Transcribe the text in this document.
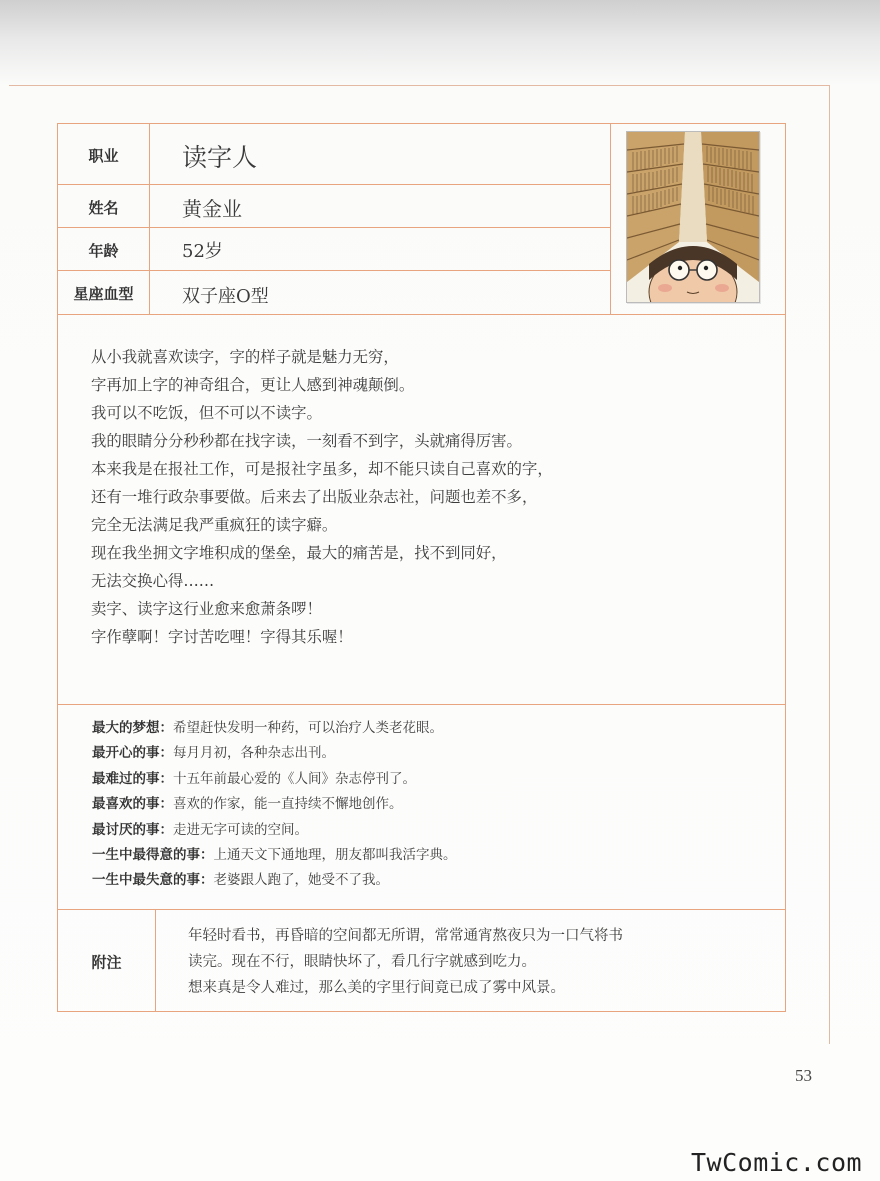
职业	读字人
姓名	黄金业
年龄	52岁
星座血型	双子座O型
从小我就喜欢读字，字的样子就是魅力无穷，
字再加上字的神奇组合，更让人感到神魂颠倒。
我可以不吃饭，但不可以不读字。
我的眼睛分分秒秒都在找字读，一刻看不到字，头就痛得厉害。
本来我是在报社工作，可是报社字虽多，却不能只读自己喜欢的字，
还有一堆行政杂事要做。后来去了出版业杂志社，问题也差不多，
完全无法满足我严重疯狂的读字癖。
现在我坐拥文字堆积成的堡垒，最大的痛苦是，找不到同好，
无法交换心得……
卖字、读字这行业愈来愈萧条啰！
字作孽啊！字讨苦吃哩！字得其乐喔！
最大的梦想：希望赶快发明一种药，可以治疗人类老花眼。
最开心的事：每月月初，各种杂志出刊。
最难过的事：十五年前最心爱的《人间》杂志停刊了。
最喜欢的事：喜欢的作家，能一直持续不懈地创作。
最讨厌的事：走进无字可读的空间。
一生中最得意的事：上通天文下通地理，朋友都叫我活字典。
一生中最失意的事：老婆跟人跑了，她受不了我。
附注
年轻时看书，再昏暗的空间都无所谓，常常通宵熬夜只为一口气将书
读完。现在不行，眼睛快坏了，看几行字就感到吃力。
想来真是令人难过，那么美的字里行间竟已成了雾中风景。
53
TwComic.com
